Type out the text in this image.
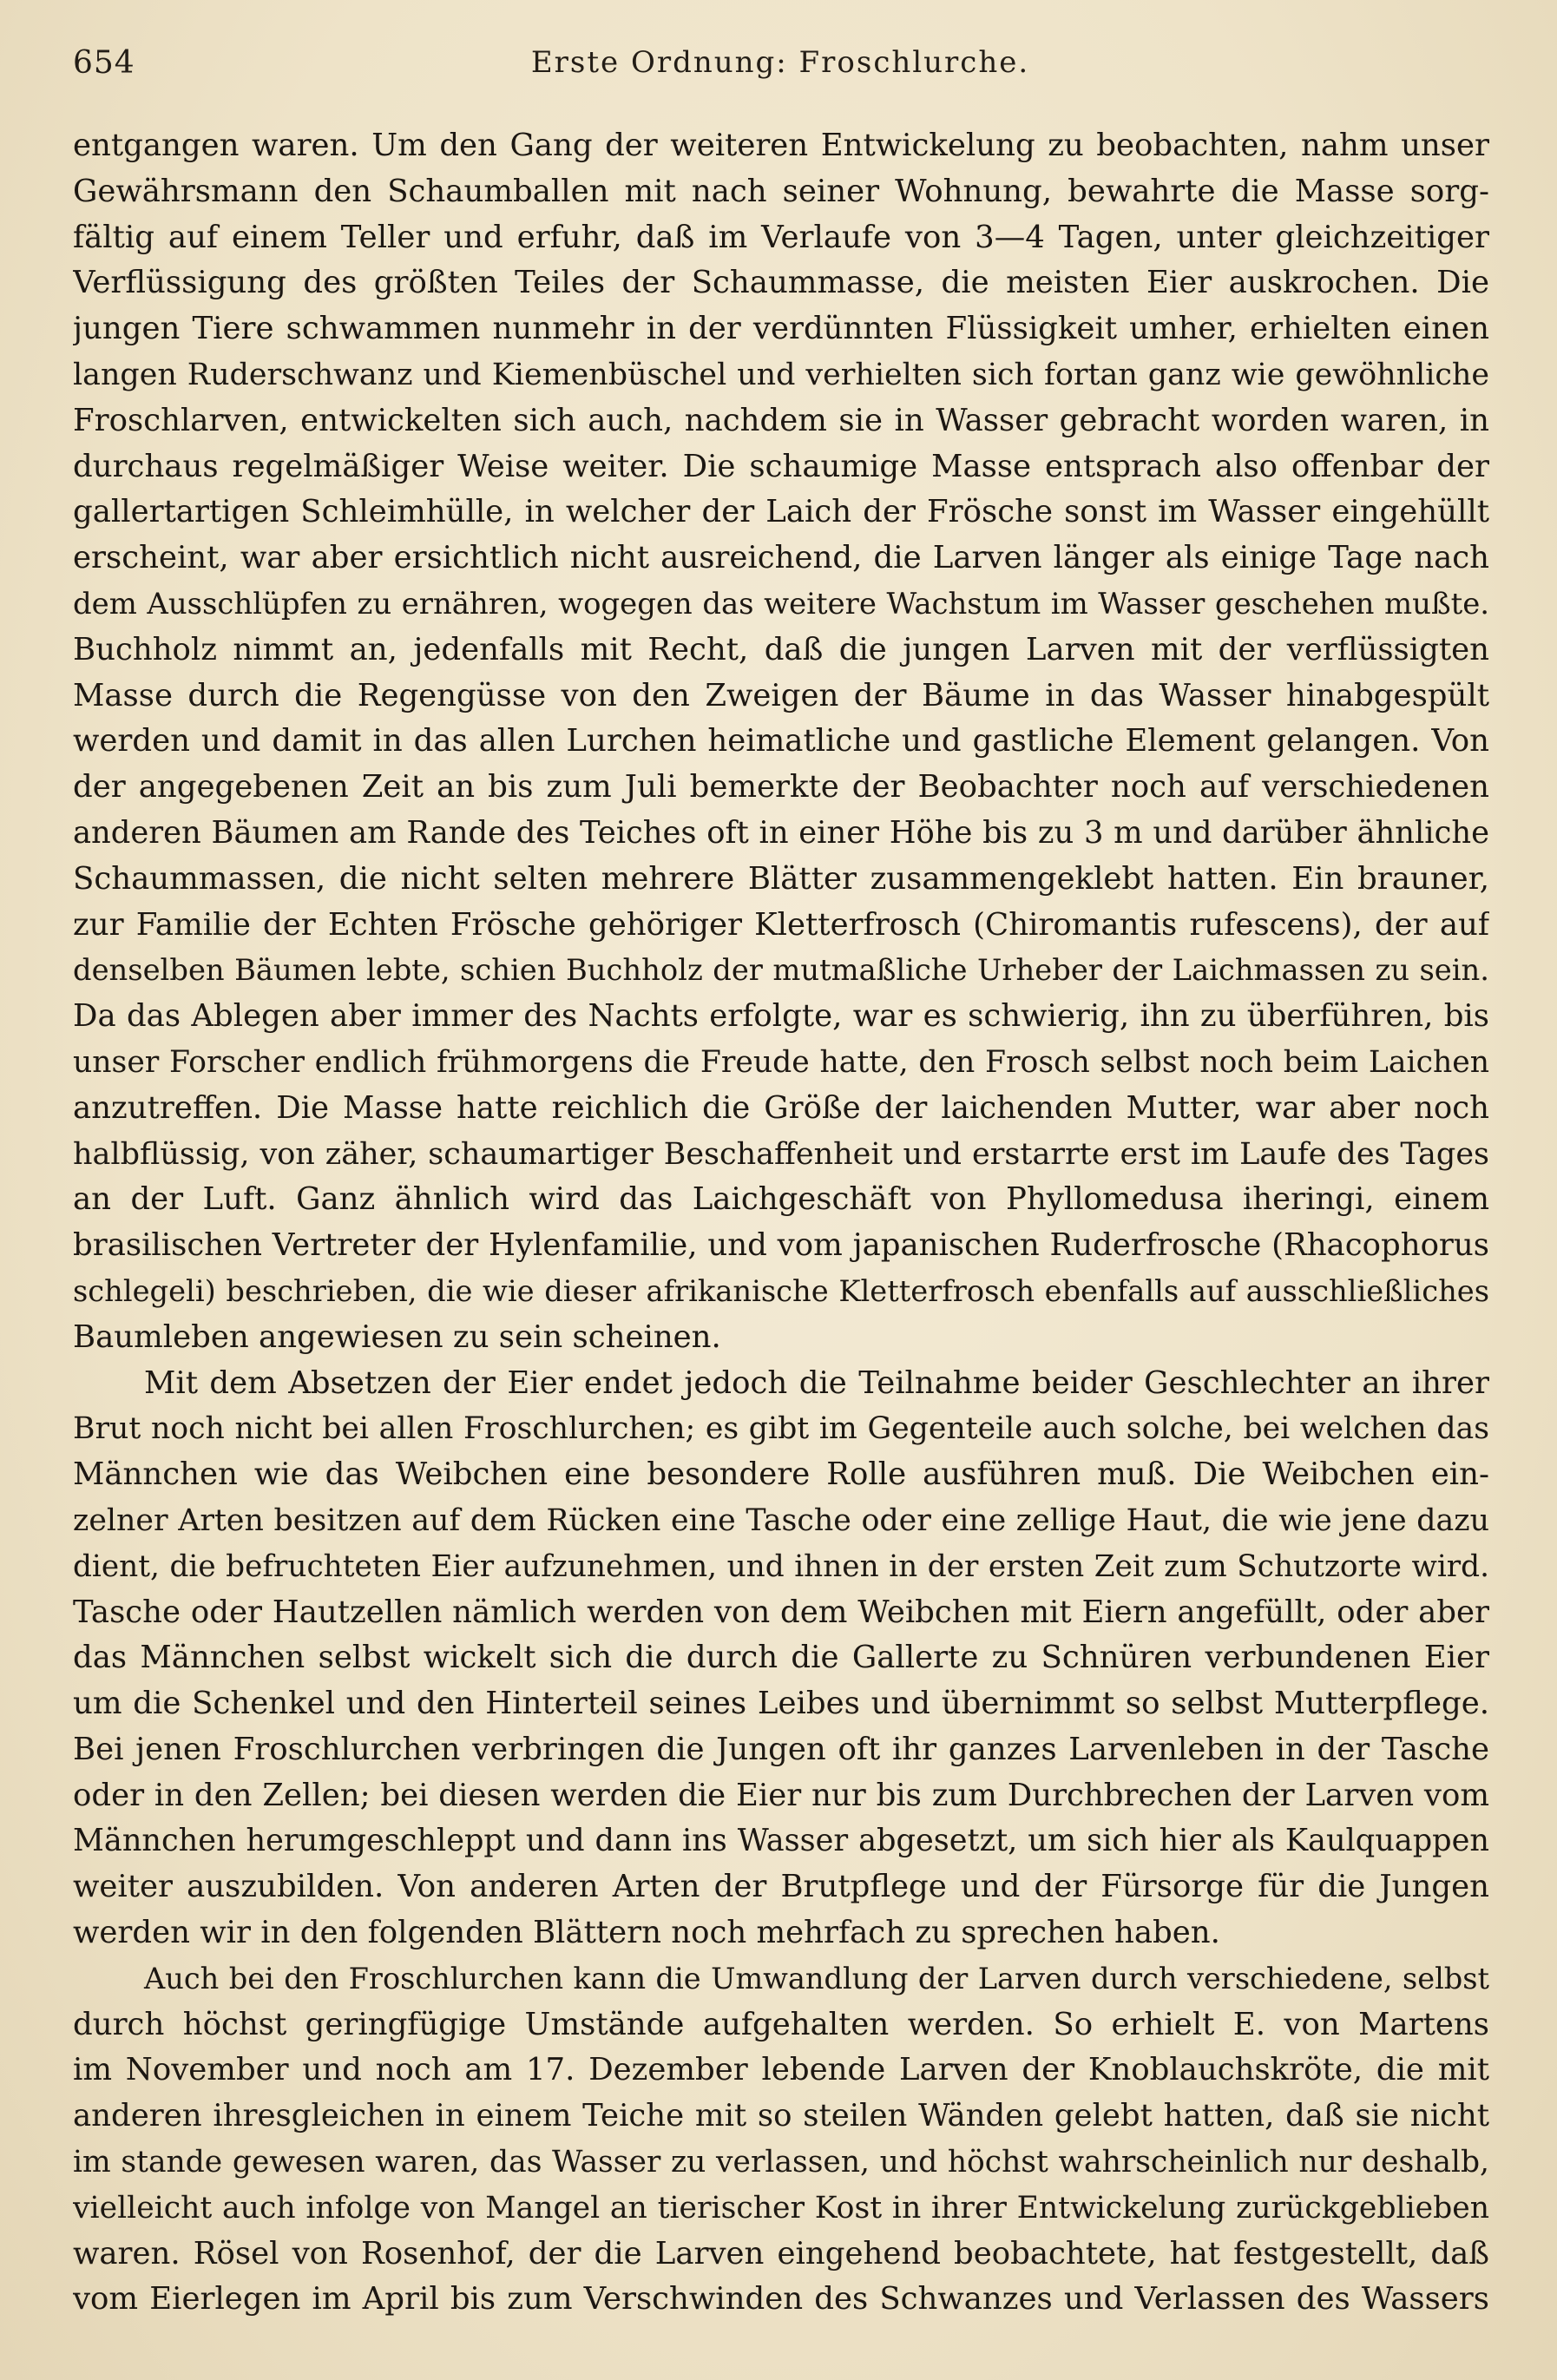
654	Erste Ordnung: Froschlurche.
entgangen waren. Um den Gang der weiteren Entwickelung zu beobachten, nahm unser
Gewährsmann den Schaumballen mit nach seiner Wohnung, bewahrte die Masse sorg-
fältig auf einem Teller und erfuhr, daß im Verlaufe von 3—4 Tagen, unter gleichzeitiger
Verflüssigung des größten Teiles der Schaummasse, die meisten Eier auskrochen. Die
jungen Tiere schwammen nunmehr in der verdünnten Flüssigkeit umher, erhielten einen
langen Ruderschwanz und Kiemenbüschel und verhielten sich fortan ganz wie gewöhnliche
Froschlarven, entwickelten sich auch, nachdem sie in Wasser gebracht worden waren, in
durchaus regelmäßiger Weise weiter. Die schaumige Masse entsprach also offenbar der
gallertartigen Schleimhülle, in welcher der Laich der Frösche sonst im Wasser eingehüllt
erscheint, war aber ersichtlich nicht ausreichend, die Larven länger als einige Tage nach
dem Ausschlüpfen zu ernähren, wogegen das weitere Wachstum im Wasser geschehen mußte.
Buchholz nimmt an, jedenfalls mit Recht, daß die jungen Larven mit der verflüssigten
Masse durch die Regengüsse von den Zweigen der Bäume in das Wasser hinabgespült
werden und damit in das allen Lurchen heimatliche und gastliche Element gelangen. Von
der angegebenen Zeit an bis zum Juli bemerkte der Beobachter noch auf verschiedenen
anderen Bäumen am Rande des Teiches oft in einer Höhe bis zu 3 m und darüber ähnliche
Schaummassen, die nicht selten mehrere Blätter zusammengeklebt hatten. Ein brauner,
zur Familie der Echten Frösche gehöriger Kletterfrosch (Chiromantis rufescens), der auf
denselben Bäumen lebte, schien Buchholz der mutmaßliche Urheber der Laichmassen zu sein.
Da das Ablegen aber immer des Nachts erfolgte, war es schwierig, ihn zu überführen, bis
unser Forscher endlich frühmorgens die Freude hatte, den Frosch selbst noch beim Laichen
anzutreffen. Die Masse hatte reichlich die Größe der laichenden Mutter, war aber noch
halbflüssig, von zäher, schaumartiger Beschaffenheit und erstarrte erst im Laufe des Tages
an der Luft. Ganz ähnlich wird das Laichgeschäft von Phyllomedusa iheringi, einem
brasilischen Vertreter der Hylenfamilie, und vom japanischen Ruderfrosche (Rhacophorus
schlegeli) beschrieben, die wie dieser afrikanische Kletterfrosch ebenfalls auf ausschließliches
Baumleben angewiesen zu sein scheinen.
Mit dem Absetzen der Eier endet jedoch die Teilnahme beider Geschlechter an ihrer
Brut noch nicht bei allen Froschlurchen; es gibt im Gegenteile auch solche, bei welchen das
Männchen wie das Weibchen eine besondere Rolle ausführen muß. Die Weibchen ein-
zelner Arten besitzen auf dem Rücken eine Tasche oder eine zellige Haut, die wie jene dazu
dient, die befruchteten Eier aufzunehmen, und ihnen in der ersten Zeit zum Schutzorte wird.
Tasche oder Hautzellen nämlich werden von dem Weibchen mit Eiern angefüllt, oder aber
das Männchen selbst wickelt sich die durch die Gallerte zu Schnüren verbundenen Eier
um die Schenkel und den Hinterteil seines Leibes und übernimmt so selbst Mutterpflege.
Bei jenen Froschlurchen verbringen die Jungen oft ihr ganzes Larvenleben in der Tasche
oder in den Zellen; bei diesen werden die Eier nur bis zum Durchbrechen der Larven vom
Männchen herumgeschleppt und dann ins Wasser abgesetzt, um sich hier als Kaulquappen
weiter auszubilden. Von anderen Arten der Brutpflege und der Fürsorge für die Jungen
werden wir in den folgenden Blättern noch mehrfach zu sprechen haben.
Auch bei den Froschlurchen kann die Umwandlung der Larven durch verschiedene, selbst
durch höchst geringfügige Umstände aufgehalten werden. So erhielt E. von Martens
im November und noch am 17. Dezember lebende Larven der Knoblauchskröte, die mit
anderen ihresgleichen in einem Teiche mit so steilen Wänden gelebt hatten, daß sie nicht
im stande gewesen waren, das Wasser zu verlassen, und höchst wahrscheinlich nur deshalb,
vielleicht auch infolge von Mangel an tierischer Kost in ihrer Entwickelung zurückgeblieben
waren. Rösel von Rosenhof, der die Larven eingehend beobachtete, hat festgestellt, daß
vom Eierlegen im April bis zum Verschwinden des Schwanzes und Verlassen des Wassers
